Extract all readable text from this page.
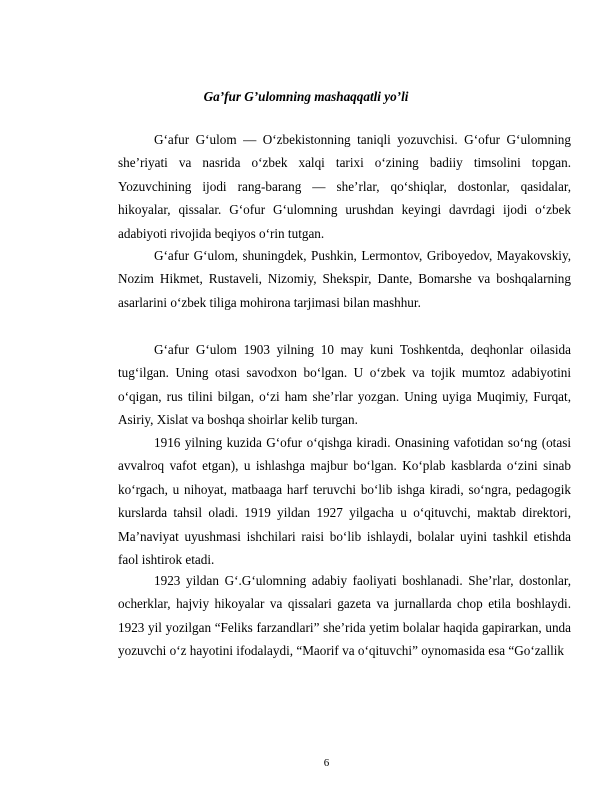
Ga’fur G’ulomning mashaqqatli yo’li

G‘afur G‘ulom — O‘zbekistonning taniqli yozuvchisi. G‘ofur G‘ulomning she’riyati va nasrida o‘zbek xalqi tarixi o‘zining badiiy timsolini topgan. Yozuvchining ijodi rang-barang — she’rlar, qo‘shiqlar, dostonlar, qasidalar, hikoyalar, qissalar. G‘ofur G‘ulomning urushdan keyingi davrdagi ijodi o‘zbek adabiyoti rivojida beqiyos o‘rin tutgan.

G‘afur G‘ulom, shuningdek, Pushkin, Lermontov, Griboyedov, Mayakovskiy, Nozim Hikmet, Rustaveli, Nizomiy, Shekspir, Dante, Bomarshe va boshqalarning asarlarini o‘zbek tiliga mohirona tarjimasi bilan mashhur.

G‘afur G‘ulom 1903 yilning 10 may kuni Toshkentda, deqhonlar oilasida tug‘ilgan. Uning otasi savodxon bo‘lgan. U o‘zbek va tojik mumtoz adabiyotini o‘qigan, rus tilini bilgan, o‘zi ham she’rlar yozgan. Uning uyiga Muqimiy, Furqat, Asiriy, Xislat va boshqa shoirlar kelib turgan.

1916 yilning kuzida G‘ofur o‘qishga kiradi. Onasining vafotidan so‘ng (otasi avvalroq vafot etgan), u ishlashga majbur bo‘lgan. Ko‘plab kasblarda o‘zini sinab ko‘rgach, u nihoyat, matbaaga harf teruvchi bo‘lib ishga kiradi, so‘ngra, pedagogik kurslarda tahsil oladi. 1919 yildan 1927 yilgacha u o‘qituvchi, maktab direktori, Ma’naviyat uyushmasi ishchilari raisi bo‘lib ishlaydi, bolalar uyini tashkil etishda faol ishtirok etadi.

1923 yildan G‘.G‘ulomning adabiy faoliyati boshlanadi. She’rlar, dostonlar, ocherklar, hajviy hikoyalar va qissalari gazeta va jurnallarda chop etila boshlaydi. 1923 yil yozilgan “Feliks farzandlari” she’rida yetim bolalar haqida gapirarkan, unda yozuvchi o‘z hayotini ifodalaydi, “Maorif va o‘qituvchi” oynomasida esa “Go‘zallik

6
